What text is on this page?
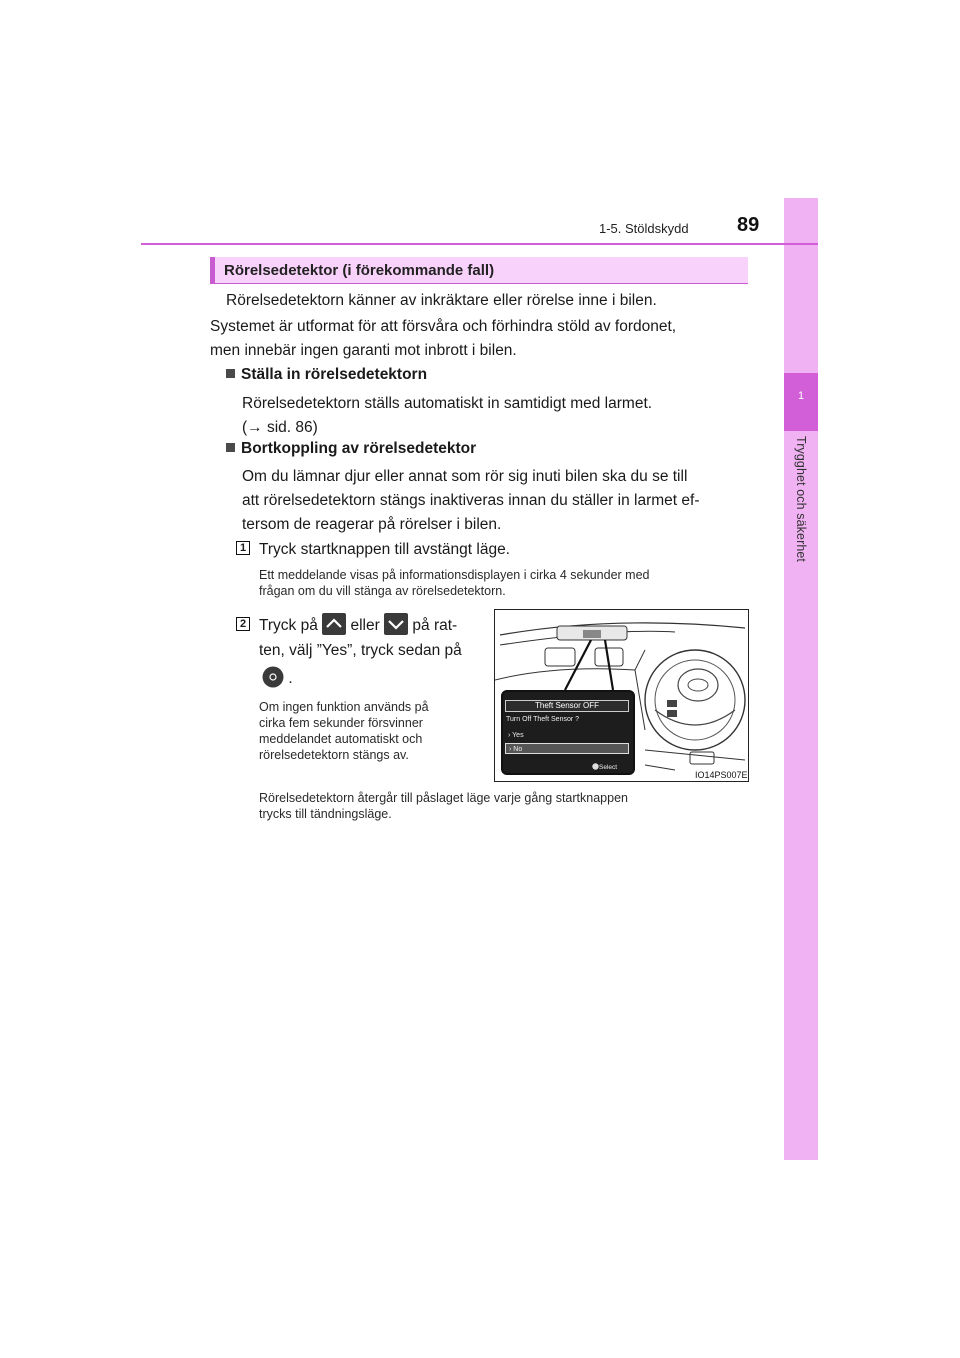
1
Trygghet och säkerhet
1-5. Stöldskydd 89
Rörelsedetektor (i förekommande fall)
Rörelsedetektorn känner av inkräktare eller rörelse inne i bilen.
Systemet är utformat för att försvåra och förhindra stöld av fordonet,
men innebär ingen garanti mot inbrott i bilen.
Ställa in rörelsedetektorn
Rörelsedetektorn ställs automatiskt in samtidigt med larmet.
(→ sid. 86)
Bortkoppling av rörelsedetektor
Om du lämnar djur eller annat som rör sig inuti bilen ska du se till
att rörelsedetektorn stängs inaktiveras innan du ställer in larmet ef-
tersom de reagerar på rörelser i bilen.
1 Tryck startknappen till avstängt läge.
Ett meddelande visas på informationsdisplayen i cirka 4 sekunder med
frågan om du vill stänga av rörelsedetektorn.
2 Tryck på eller på rat-
ten, välj ”Yes”, tryck sedan på
.
Om ingen funktion används på
cirka fem sekunder försvinner
meddelandet automatiskt och
rörelsedetektorn stängs av.
Theft Sensor OFF
Turn Off Theft Sensor ?
› Yes
› No
Select
IO14PS007E
Rörelsedetektorn återgår till påslaget läge varje gång startknappen
trycks till tändningsläge.
